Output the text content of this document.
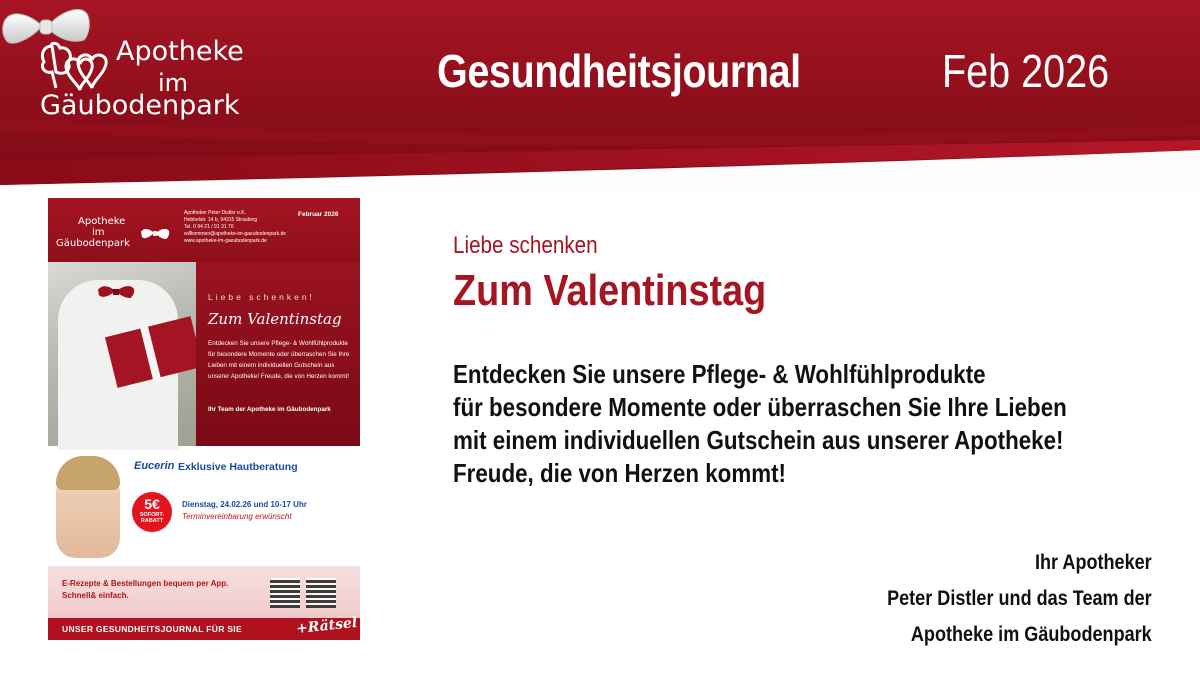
Apotheke
im
Gäubodenpark
Gesundheitsjournal	Feb 2026
Apotheke
im
Gäubodenpark
Apotheker Peter Distler e.K.
Hebbelstr. 14 b, 94315 Straubing
Tel. 0 94 21 / 91 31 70
willkommen@apotheke-im-gaeubodenpark.de
www.apotheke-im-gaeubodenpark.de
Februar 2026
Liebe schenken!
Zum Valentinstag
Entdecken Sie unsere Pflege- & Wohlfühlprodukte für besondere Momente oder überraschen Sie Ihre Lieben mit einem individuellen Gutschein aus unserer Apotheke! Freude, die von Herzen kommt!
Ihr Team der Apotheke im Gäubodenpark
Eucerin Exklusive Hautberatung
5€
SOFORT-RABATT
Dienstag, 24.02.26 und 10-17 Uhr
Terminvereinbarung erwünscht
E-Rezepte & Bestellungen bequem per App.
Schnell& einfach.
UNSER GESUNDHEITSJOURNAL FÜR SIE	+Rätsel
Liebe schenken
Zum Valentinstag
Entdecken Sie unsere Pflege- & Wohlfühlprodukte
für besondere Momente oder überraschen Sie Ihre Lieben
mit einem individuellen Gutschein aus unserer Apotheke!
Freude, die von Herzen kommt!
Ihr Apotheker
Peter Distler und das Team der
Apotheke im Gäubodenpark
